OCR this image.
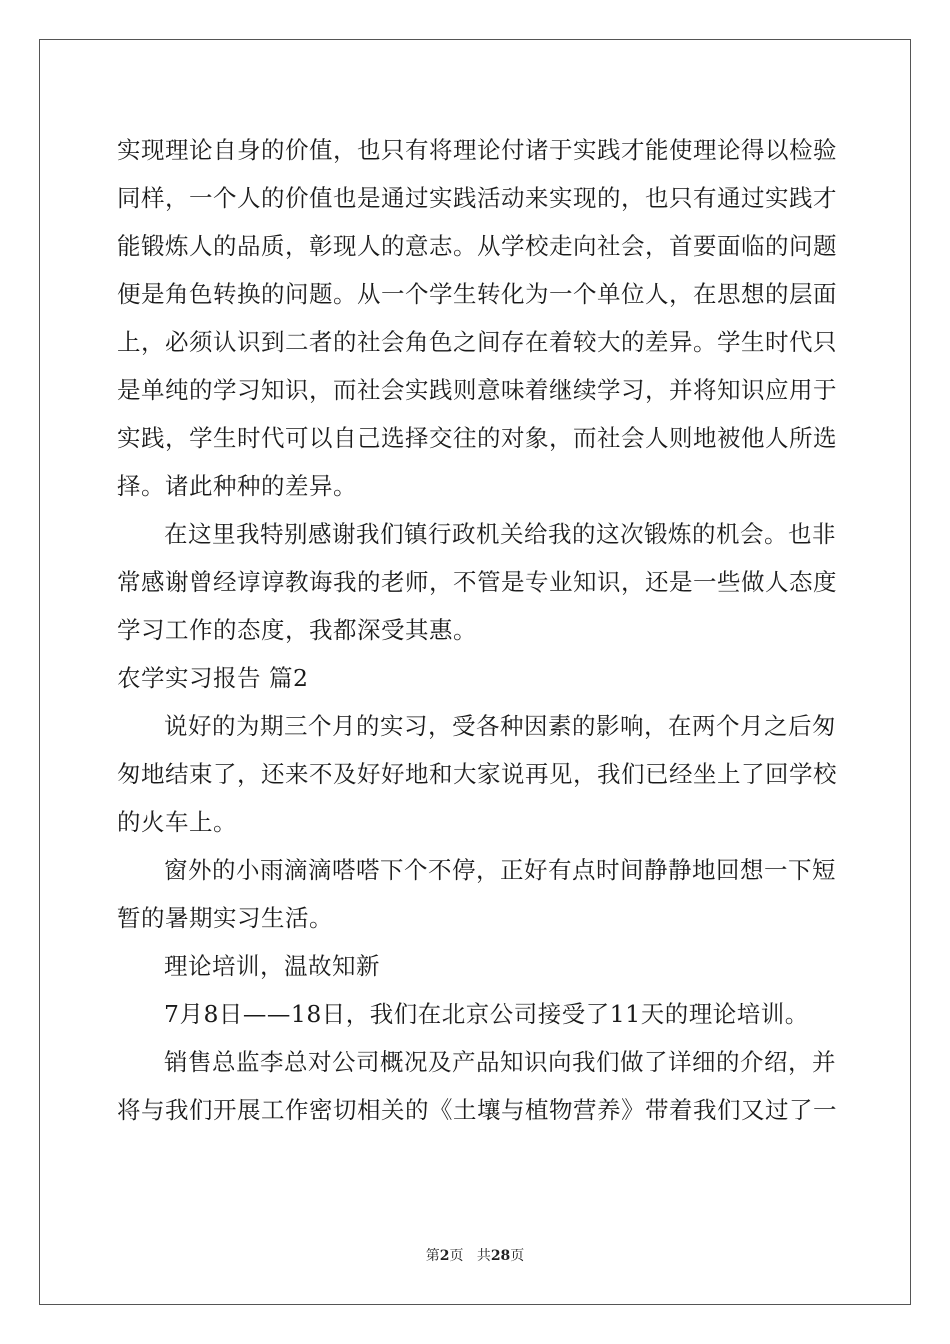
实现理论自身的价值，也只有将理论付诸于实践才能使理论得以检验
同样，一个人的价值也是通过实践活动来实现的，也只有通过实践才
能锻炼人的品质，彰现人的意志。从学校走向社会，首要面临的问题
便是角色转换的问题。从一个学生转化为一个单位人，在思想的层面
上，必须认识到二者的社会角色之间存在着较大的差异。学生时代只
是单纯的学习知识，而社会实践则意味着继续学习，并将知识应用于
实践，学生时代可以自己选择交往的对象，而社会人则地被他人所选
择。诸此种种的差异。
在这里我特别感谢我们镇行政机关给我的这次锻炼的机会。也非
常感谢曾经谆谆教诲我的老师，不管是专业知识，还是一些做人态度
学习工作的态度，我都深受其惠。
农学实习报告 篇2
说好的为期三个月的实习，受各种因素的影响，在两个月之后匆
匆地结束了，还来不及好好地和大家说再见，我们已经坐上了回学校
的火车上。
窗外的小雨滴滴嗒嗒下个不停，正好有点时间静静地回想一下短
暂的暑期实习生活。
理论培训，温故知新
7月8日——18日，我们在北京公司接受了11天的理论培训。
销售总监李总对公司概况及产品知识向我们做了详细的介绍，并
将与我们开展工作密切相关的《土壤与植物营养》带着我们又过了一
第2页 共28页
